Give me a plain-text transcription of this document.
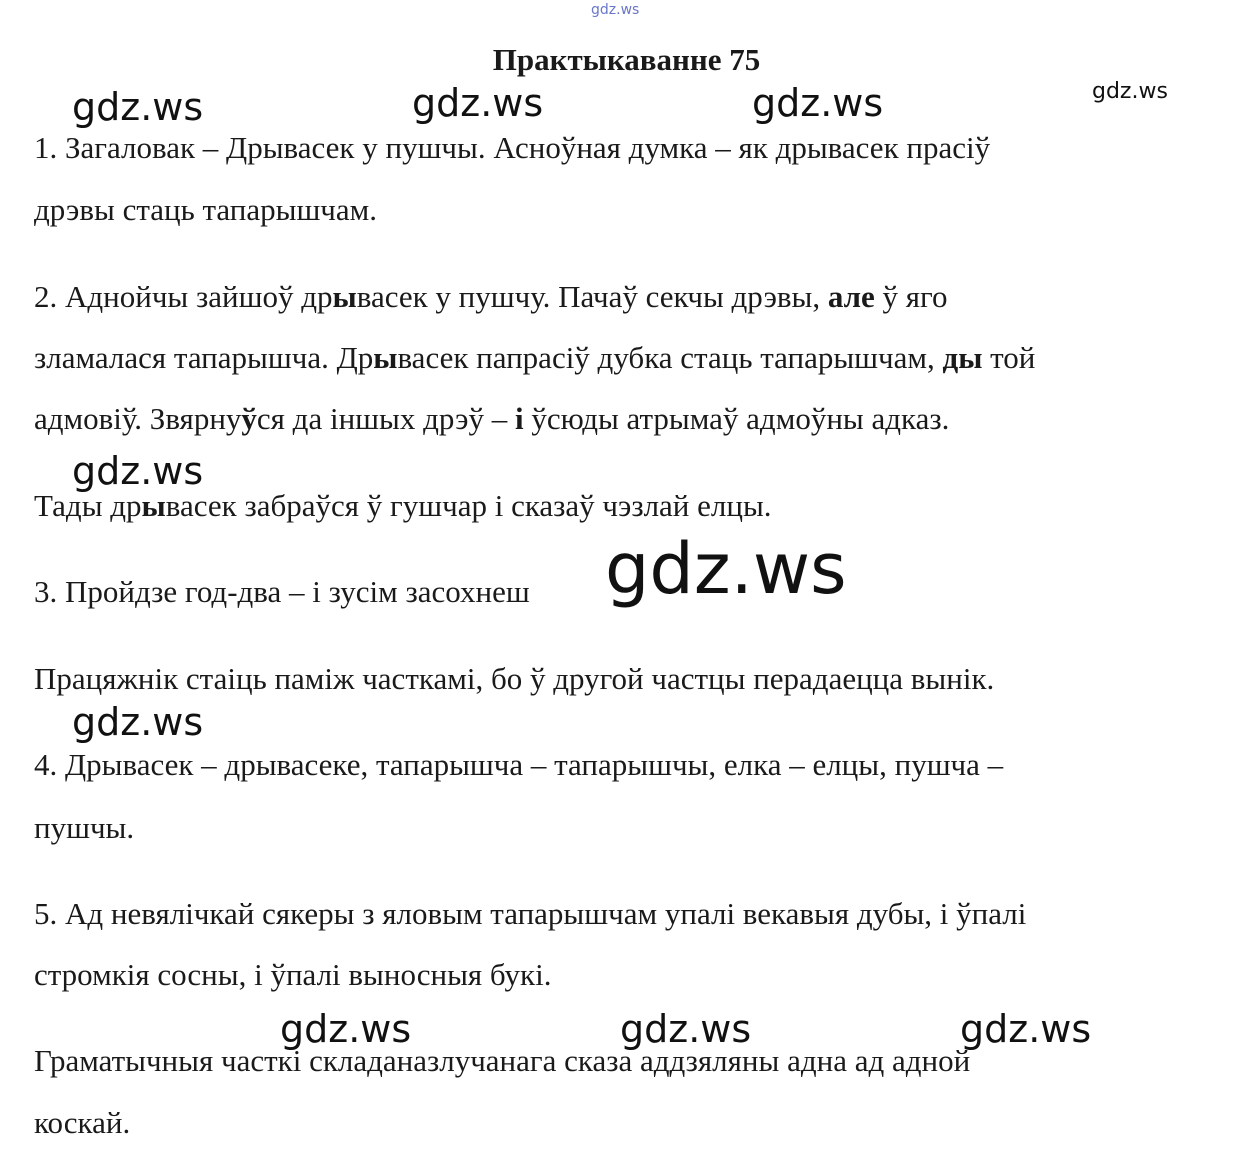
gdz.ws
gdz.ws	gdz.ws	gdz.ws	gdz.ws
gdz.ws
gdz.ws
gdz.ws
gdz.ws	gdz.ws	gdz.ws
Практыкаванне 75

1. Загаловак – Дрывасек у пушчы. Асноўная думка – як дрывасек прасіў

дрэвы стаць тапарышчам.

2. Аднойчы зайшоў дрывасек у пушчу. Пачаў секчы дрэвы, але ў яго

зламалася тапарышча. Дрывасек папрасіў дубка стаць тапарышчам, ды той

адмовіў. Звярнуўся да іншых дрэў – і ўсюды атрымаў адмоўны адказ.

Тады дрывасек забраўся ў гушчар і сказаў чэзлай елцы.

3. Пройдзе год-два – і зусім засохнеш

Працяжнік стаіць паміж часткамі, бо ў другой частцы перадаецца вынік.

4. Дрывасек – дрывасеке, тапарышча – тапарышчы, елка – елцы, пушча –

пушчы.

5. Ад невялічкай сякеры з яловым тапарышчам упалі векавыя дубы, і ўпалі

стромкія сосны, і ўпалі выносныя букі.

Граматычныя часткі складаназлучанага сказа аддзяляны адна ад адной

коскай.
